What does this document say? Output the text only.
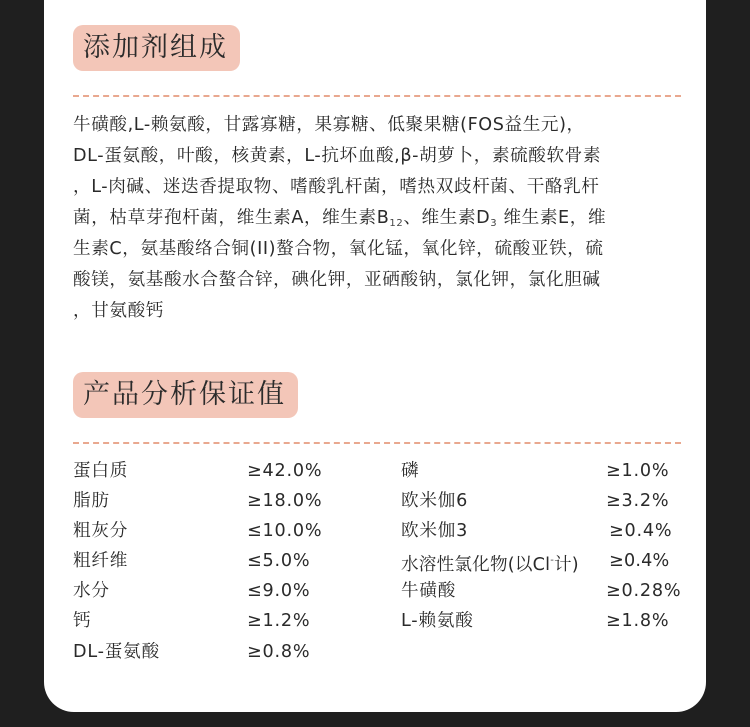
添加剂组成
牛磺酸,L-赖氨酸，甘露寡糖，果寡糖、低聚果糖(FOS益生元)，
DL-蛋氨酸，叶酸，核黄素，L-抗坏血酸,β-胡萝卜，素硫酸软骨素
，L-肉碱、迷迭香提取物、嗜酸乳杆菌，嗜热双歧杆菌、干酪乳杆
菌，枯草芽孢杆菌，维生素A，维生素$B_{12}$、维生素$D_3$ 维生素E，维
生素C，氨基酸络合铜(II)螯合物，氧化锰，氧化锌，硫酸亚铁，硫
酸镁，氨基酸水合螯合锌，碘化钾，亚硒酸钠，氯化钾，氯化胆碱
，甘氨酸钙
产品分析保证值
蛋白质	≥42.0%
脂肪	≥18.0%
粗灰分	≤10.0%
粗纤维	≤5.0%
水分	≤9.0%
钙	≥1.2%
DL-蛋氨酸	≥0.8%
磷	≥1.0%
欧米伽6	≥3.2%
欧米伽3	≥0.4%
水溶性氯化物(以Cl-计) ≥0.4%
牛磺酸	≥0.28%
L-赖氨酸	≥1.8%
